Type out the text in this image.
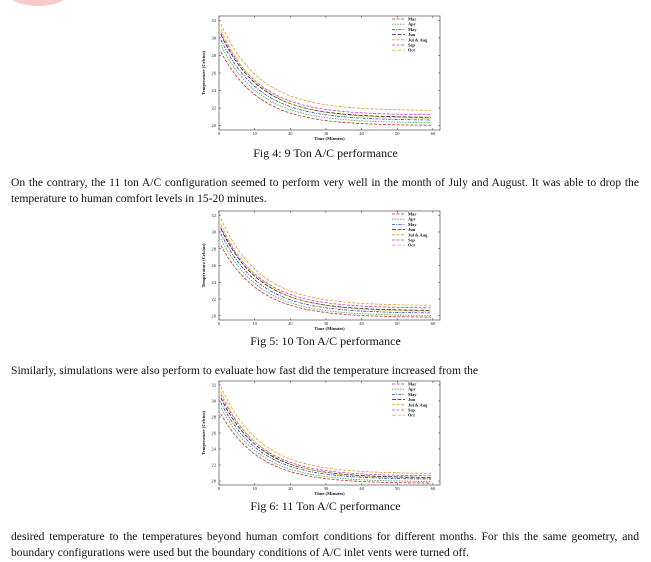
0	10	20	30	40	50	60
20
22
24
26
28
30
32
Time (Minutes)
Temperature (Celcius)
Mar
Apr
May
Jun
Jul & Aug
Sep
Oct
Fig 4: 9 Ton A/C performance

On the contrary, the 11 ton A/C configuration seemed to perform very well in the month of July and August. It was able to drop the temperature to human comfort levels in 15-20 minutes.

0	10	20	30	40	50	60
20
22
24
26
28
30
32
Time (Minutes)
Temperature (Celcius)
Mar
Apr
May
Jun
Jul & Aug
Sep
Oct
Fig 5: 10 Ton A/C performance

Similarly, simulations were also perform to evaluate how fast did the temperature increased from the

0	10	20	30	40	50	60
20
22
24
26
28
30
32
Time (Minutes)
Temperature (Celcius)
Mar
Apr
May
Jun
Jul & Aug
Sep
Oct
Fig 6: 11 Ton A/C performance

desired temperature to the temperatures beyond human comfort conditions for different months. For this the same geometry, and boundary configurations were used but the boundary conditions of A/C inlet vents were turned off.
